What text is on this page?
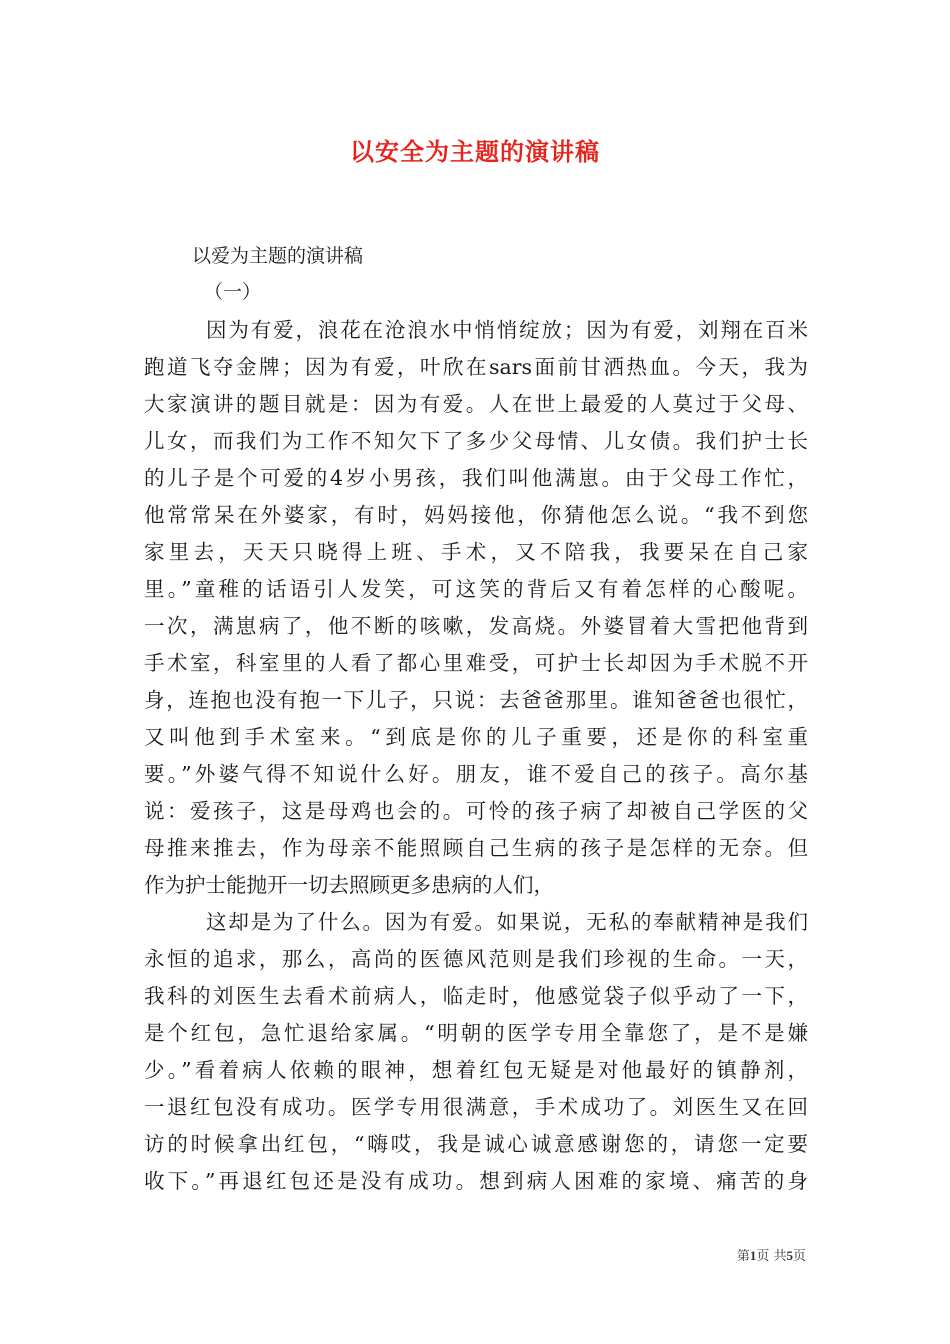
以安全为主题的演讲稿
以爱为主题的演讲稿
（一）
因为有爱，浪花在沧浪水中悄悄绽放；因为有爱，刘翔在百米
跑道飞夺金牌；因为有爱，叶欣在sars面前甘洒热血。今天，我为
大家演讲的题目就是：因为有爱。人在世上最爱的人莫过于父母、
儿女，而我们为工作不知欠下了多少父母情、儿女债。我们护士长
的儿子是个可爱的4岁小男孩，我们叫他满崽。由于父母工作忙，
他常常呆在外婆家，有时，妈妈接他，你猜他怎么说。“我不到您
家里去，天天只晓得上班、手术，又不陪我，我要呆在自己家
里。”童稚的话语引人发笑，可这笑的背后又有着怎样的心酸呢。
一次，满崽病了，他不断的咳嗽，发高烧。外婆冒着大雪把他背到
手术室，科室里的人看了都心里难受，可护士长却因为手术脱不开
身，连抱也没有抱一下儿子，只说：去爸爸那里。谁知爸爸也很忙，
又叫他到手术室来。“到底是你的儿子重要，还是你的科室重
要。”外婆气得不知说什么好。朋友，谁不爱自己的孩子。高尔基
说：爱孩子，这是母鸡也会的。可怜的孩子病了却被自己学医的父
母推来推去，作为母亲不能照顾自己生病的孩子是怎样的无奈。但
作为护士能抛开一切去照顾更多患病的人们，
这却是为了什么。因为有爱。如果说，无私的奉献精神是我们
永恒的追求，那么，高尚的医德风范则是我们珍视的生命。一天，
我科的刘医生去看术前病人，临走时，他感觉袋子似乎动了一下，
是个红包，急忙退给家属。“明朝的医学专用全靠您了，是不是嫌
少。”看着病人依赖的眼神，想着红包无疑是对他最好的镇静剂，
一退红包没有成功。医学专用很满意，手术成功了。刘医生又在回
访的时候拿出红包，“嗨哎，我是诚心诚意感谢您的，请您一定要
收下。”再退红包还是没有成功。想到病人困难的家境、痛苦的身
第1页 共5页
